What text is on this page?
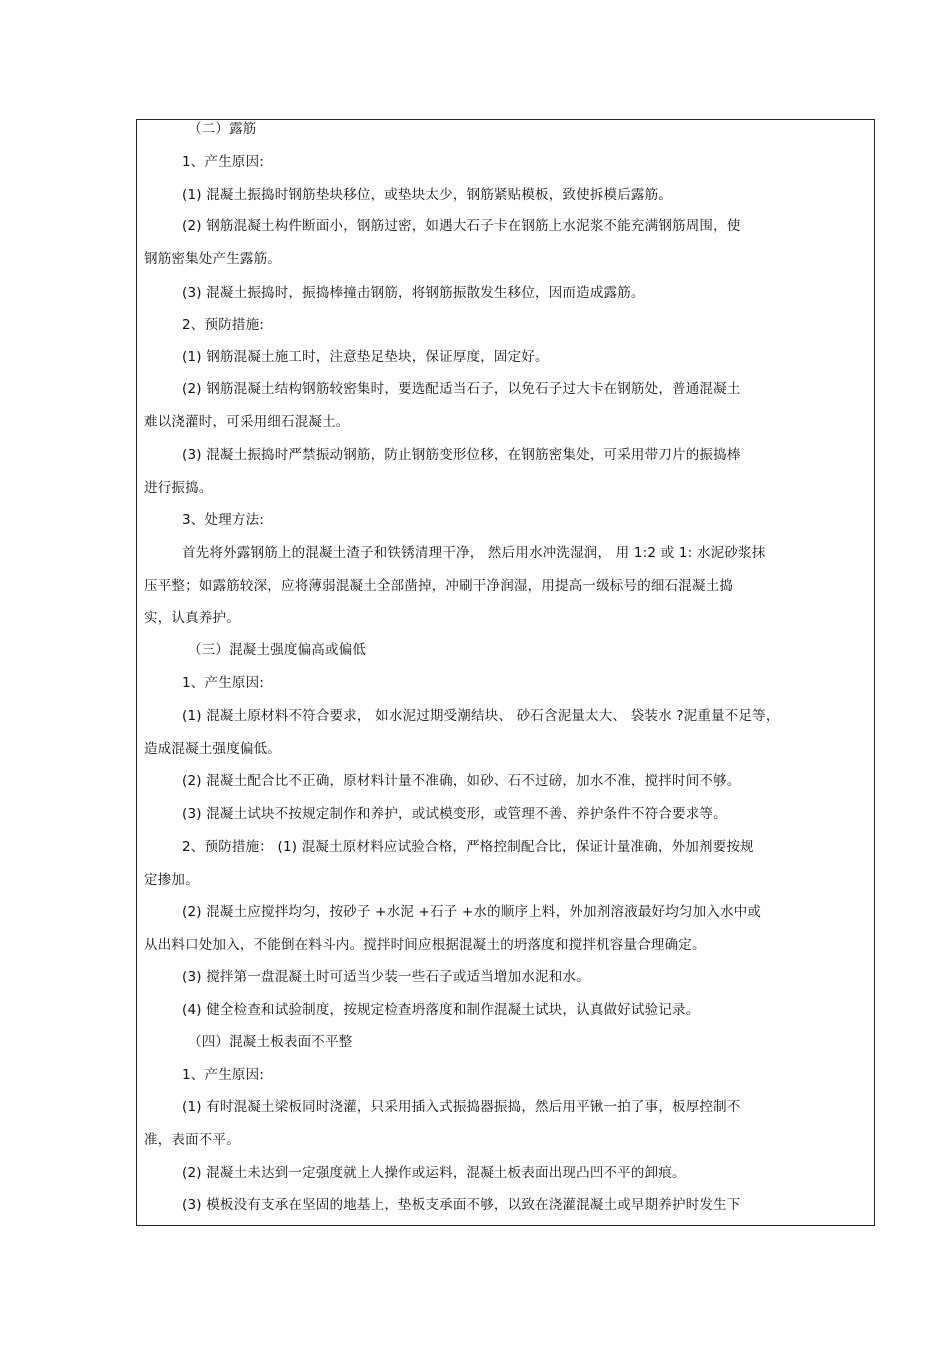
（二）露筋
1、产生原因:
(1) 混凝土振捣时钢筋垫块移位，或垫块太少，钢筋紧贴模板，致使拆模后露筋。
(2) 钢筋混凝土构件断面小，钢筋过密，如遇大石子卡在钢筋上水泥浆不能充满钢筋周围，使
钢筋密集处产生露筋。
(3) 混凝土振捣时，振捣棒撞击钢筋，将钢筋振散发生移位，因而造成露筋。
2、预防措施:
(1) 钢筋混凝土施工时，注意垫足垫块，保证厚度，固定好。
(2) 钢筋混凝土结构钢筋较密集时，要选配适当石子，以免石子过大卡在钢筋处，普通混凝土
难以浇灌时，可采用细石混凝土。
(3) 混凝土振捣时严禁振动钢筋，防止钢筋变形位移，在钢筋密集处，可采用带刀片的振捣棒
进行振捣。
3、处理方法:
首先将外露钢筋上的混凝土渣子和铁锈清理干净， 然后用水冲洗湿润， 用 1:2 或 1: 水泥砂浆抹
压平整；如露筋较深，应将薄弱混凝土全部凿掉，冲刷干净润湿，用提高一级标号的细石混凝土捣
实，认真养护。
（三）混凝土强度偏高或偏低
1、产生原因:
(1) 混凝土原材料不符合要求， 如水泥过期受潮结块、 砂石含泥量太大、 袋装水 ?泥重量不足等，
造成混凝土强度偏低。
(2) 混凝土配合比不正确，原材料计量不准确，如砂、石不过磅，加水不准，搅拌时间不够。
(3) 混凝土试块不按规定制作和养护，或试模变形，或管理不善、养护条件不符合要求等。
2、预防措施： (1) 混凝土原材料应试验合格，严格控制配合比，保证计量准确，外加剂要按规
定掺加。
(2) 混凝土应搅拌均匀，按砂子 +水泥 +石子 +水的顺序上料，外加剂溶液最好均匀加入水中或
从出料口处加入，不能倒在料斗内。搅拌时间应根据混凝土的坍落度和搅拌机容量合理确定。
(3) 搅拌第一盘混凝土时可适当少装一些石子或适当增加水泥和水。
(4) 健全检查和试验制度，按规定检查坍落度和制作混凝土试块，认真做好试验记录。
（四）混凝土板表面不平整
1、产生原因:
(1) 有时混凝土梁板同时浇灌，只采用插入式振捣器振捣，然后用平锹一拍了事，板厚控制不
准，表面不平。
(2) 混凝土未达到一定强度就上人操作或运料，混凝土板表面出现凸凹不平的卸痕。
(3) 模板没有支承在坚固的地基上，垫板支承面不够，以致在浇灌混凝土或早期养护时发生下
